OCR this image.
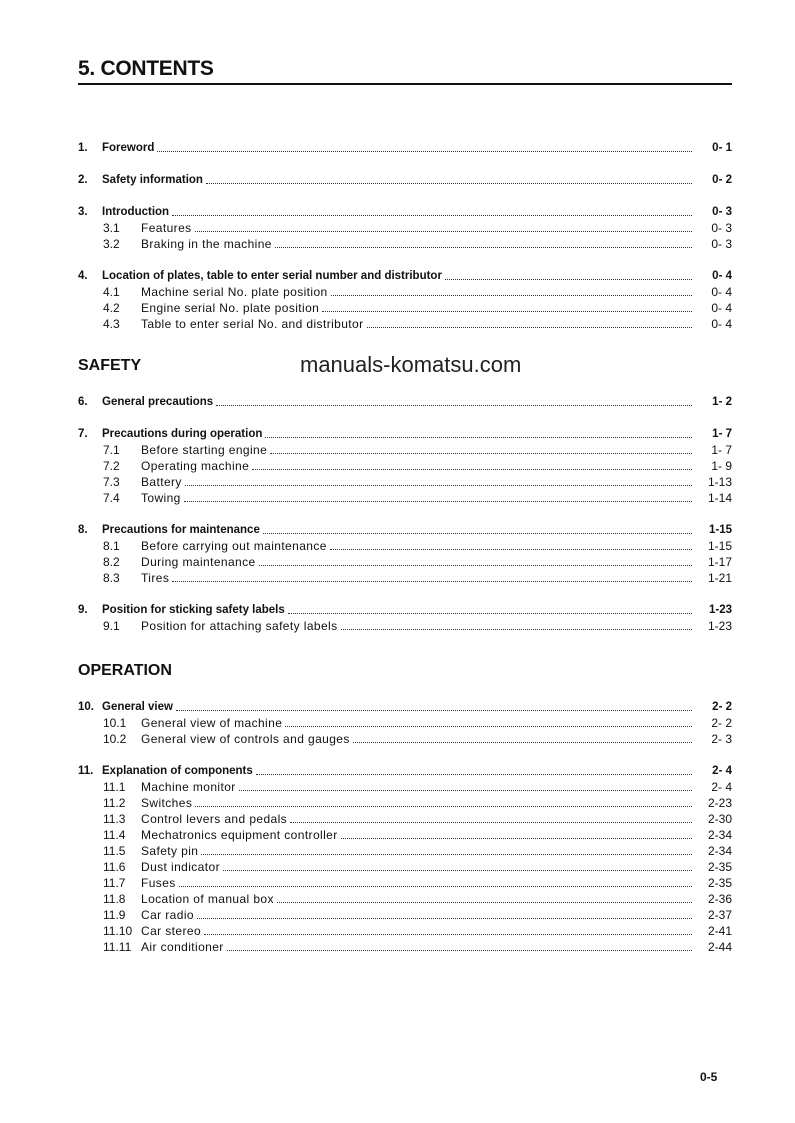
5. CONTENTS
1.	Foreword	0- 1
2.	Safety information	0- 2
3.	Introduction	0- 3
3.1	Features	0- 3
3.2	Braking in the machine	0- 3
4.	Location of plates, table to enter serial number and distributor	0- 4
4.1	Machine serial No. plate position	0- 4
4.2	Engine serial No. plate position	0- 4
4.3	Table to enter serial No. and distributor	0- 4
SAFETY
6.	General precautions	1- 2
7.	Precautions during operation	1- 7
7.1	Before starting engine	1- 7
7.2	Operating machine	1- 9
7.3	Battery	1-13
7.4	Towing	1-14
8.	Precautions for maintenance	1-15
8.1	Before carrying out maintenance	1-15
8.2	During maintenance	1-17
8.3	Tires	1-21
9.	Position for sticking safety labels	1-23
9.1	Position for attaching safety labels	1-23
OPERATION
10. General view	2- 2
10.1	General view of machine	2- 2
10.2	General view of controls and gauges	2- 3
11. Explanation of components	2- 4
11.1	Machine monitor	2- 4
11.2	Switches	2-23
11.3	Control levers and pedals	2-30
11.4	Mechatronics equipment controller	2-34
11.5	Safety pin	2-34
11.6	Dust indicator	2-35
11.7	Fuses	2-35
11.8	Location of manual box	2-36
11.9	Car radio	2-37
11.10 Car stereo	2-41
11.11 Air conditioner	2-44
manuals-komatsu.com
0-5
